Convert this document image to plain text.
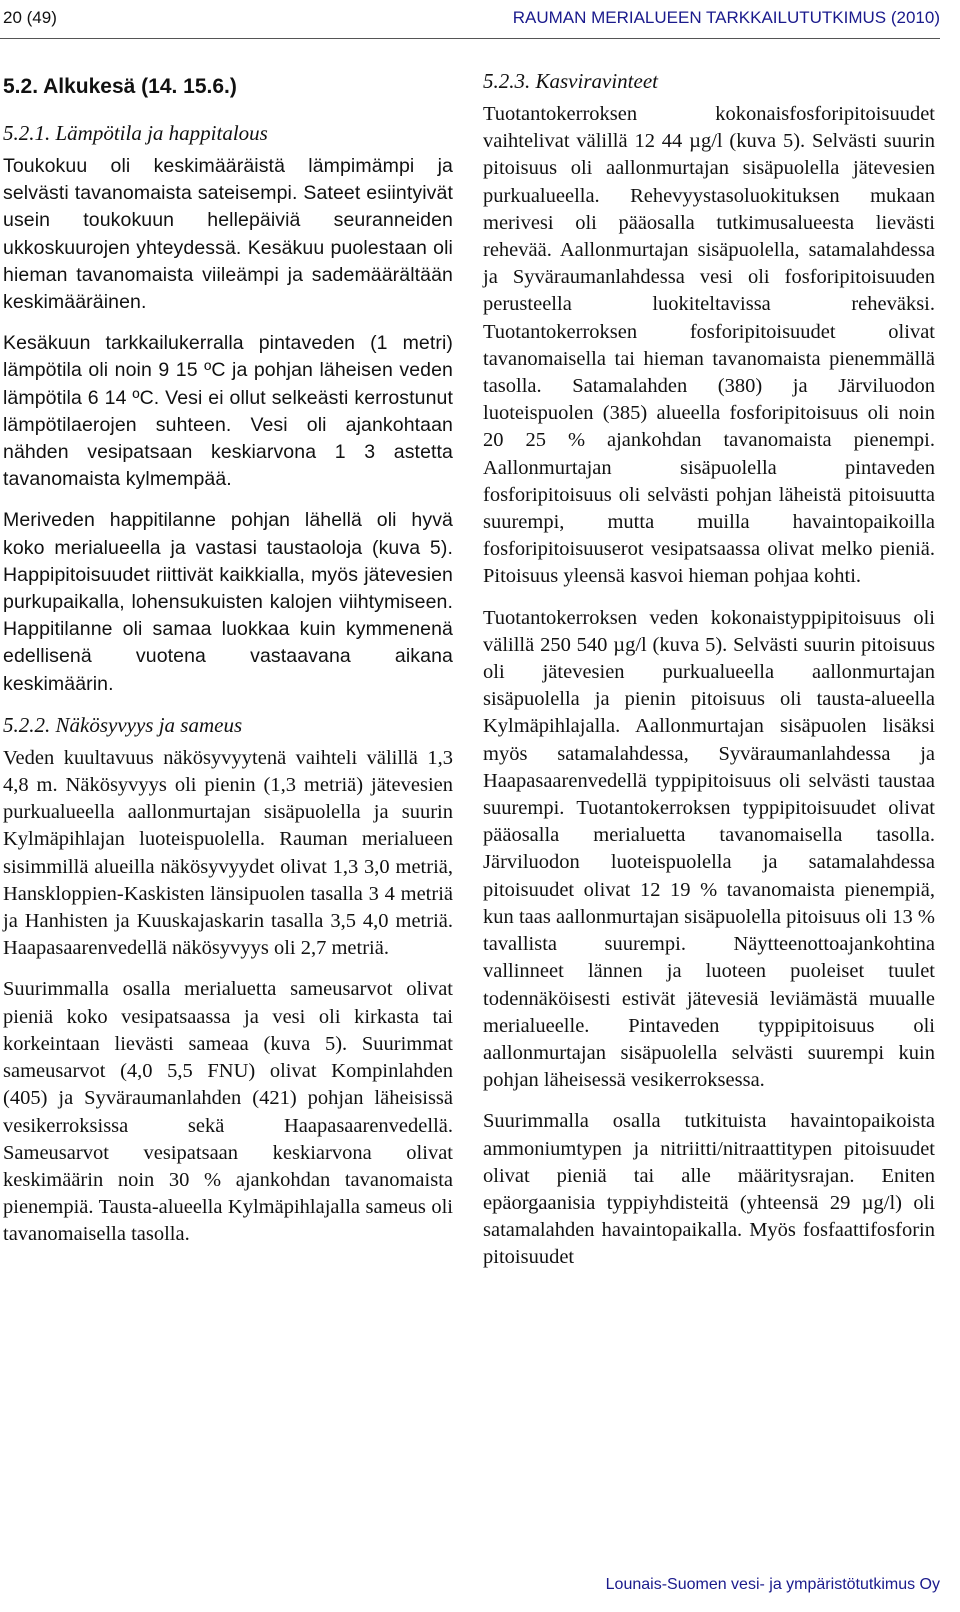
20 (49)	RAUMAN MERIALUEEN TARKKAILUTUTKIMUS (2010)
5.2. Alkukesä (14. 15.6.)
5.2.1. Lämpötila ja happitalous

Toukokuu oli keskimääräistä lämpimämpi ja selvästi tavanomaista sateisempi. Sateet esiintyivät usein toukokuun hellepäiviä seuranneiden ukkoskuurojen yhteydessä. Kesäkuu puolestaan oli hieman tavanomaista viileämpi ja sademäärältään keskimääräinen.

Kesäkuun tarkkailukerralla pintaveden (1 metri) lämpötila oli noin 9 15 ºC ja pohjan läheisen veden lämpötila 6 14 ºC. Vesi ei ollut selkeästi kerrostunut lämpötilaerojen suhteen. Vesi oli ajankohtaan nähden vesipatsaan keskiarvona 1 3 astetta tavanomaista kylmempää.

Meriveden happitilanne pohjan lähellä oli hyvä koko merialueella ja vastasi taustaoloja (kuva 5). Happipitoisuudet riittivät kaikkialla, myös jätevesien purkupaikalla, lohensukuisten kalojen viihtymiseen. Happitilanne oli samaa luokkaa kuin kymmenenä edellisenä vuotena vastaavana aikana keskimäärin.

5.2.2. Näkösyvyys ja sameus

Veden kuultavuus näkösyvyytenä vaihteli välillä 1,3 4,8 m. Näkösyvyys oli pienin (1,3 metriä) jätevesien purkualueella aallonmurtajan sisäpuolella ja suurin Kylmäpihlajan luoteispuolella. Rauman merialueen sisimmillä alueilla näkösyvyydet olivat 1,3 3,0 metriä, Hanskloppien-Kaskisten länsipuolen tasalla 3 4 metriä ja Hanhisten ja Kuuskajaskarin tasalla 3,5 4,0 metriä. Haapasaarenvedellä näkösyvyys oli 2,7 metriä.

Suurimmalla osalla merialuetta sameusarvot olivat pieniä koko vesipatsaassa ja vesi oli kirkasta tai korkeintaan lievästi sameaa (kuva 5). Suurimmat sameusarvot (4,0 5,5 FNU) olivat Kompinlahden (405) ja Syväraumanlahden (421) pohjan läheisissä vesikerroksissa sekä Haapasaarenvedellä. Sameusarvot vesipatsaan keskiarvona olivat keskimäärin noin 30 % ajankohdan tavanomaista pienempiä. Tausta-alueella Kylmäpihlajalla sameus oli tavanomaisella tasolla.

5.2.3. Kasviravinteet

Tuotantokerroksen kokonaisfosforipitoisuudet vaihtelivat välillä 12 44 µg/l (kuva 5). Selvästi suurin pitoisuus oli aallonmurtajan sisäpuolella jätevesien purkualueella. Rehevyystasoluokituksen mukaan merivesi oli pääosalla tutkimusalueesta lievästi rehevää. Aallonmurtajan sisäpuolella, satamalahdessa ja Syväraumanlahdessa vesi oli fosforipitoisuuden perusteella luokiteltavissa reheväksi. Tuotantokerroksen fosforipitoisuudet olivat tavanomaisella tai hieman tavanomaista pienemmällä tasolla. Satamalahden (380) ja Järviluodon luoteispuolen (385) alueella fosforipitoisuus oli noin 20 25 % ajankohdan tavanomaista pienempi. Aallonmurtajan sisäpuolella pintaveden fosforipitoisuus oli selvästi pohjan läheistä pitoisuutta suurempi, mutta muilla havaintopaikoilla fosforipitoisuuserot vesipatsaassa olivat melko pieniä. Pitoisuus yleensä kasvoi hieman pohjaa kohti.

Tuotantokerroksen veden kokonaistyppipitoisuus oli välillä 250 540 µg/l (kuva 5). Selvästi suurin pitoisuus oli jätevesien purkualueella aallonmurtajan sisäpuolella ja pienin pitoisuus oli tausta-alueella Kylmäpihlajalla. Aallonmurtajan sisäpuolen lisäksi myös satamalahdessa, Syväraumanlahdessa ja Haapasaarenvedellä typpipitoisuus oli selvästi taustaa suurempi. Tuotantokerroksen typpipitoisuudet olivat pääosalla merialuetta tavanomaisella tasolla. Järviluodon luoteispuolella ja satamalahdessa pitoisuudet olivat 12 19 % tavanomaista pienempiä, kun taas aallonmurtajan sisäpuolella pitoisuus oli 13 % tavallista suurempi. Näytteenottoajankohtina vallinneet lännen ja luoteen puoleiset tuulet todennäköisesti estivät jätevesiä leviämästä muualle merialueelle. Pintaveden typpipitoisuus oli aallonmurtajan sisäpuolella selvästi suurempi kuin pohjan läheisessä vesikerroksessa.

Suurimmalla osalla tutkituista havaintopaikoista ammoniumtypen ja nitriitti/nitraattitypen pitoisuudet olivat pieniä tai alle määritysrajan. Eniten epäorgaanisia typpiyhdisteitä (yhteensä 29 µg/l) oli satamalahden havaintopaikalla. Myös fosfaattifosforin pitoisuudet

Lounais-Suomen vesi- ja ympäristötutkimus Oy
